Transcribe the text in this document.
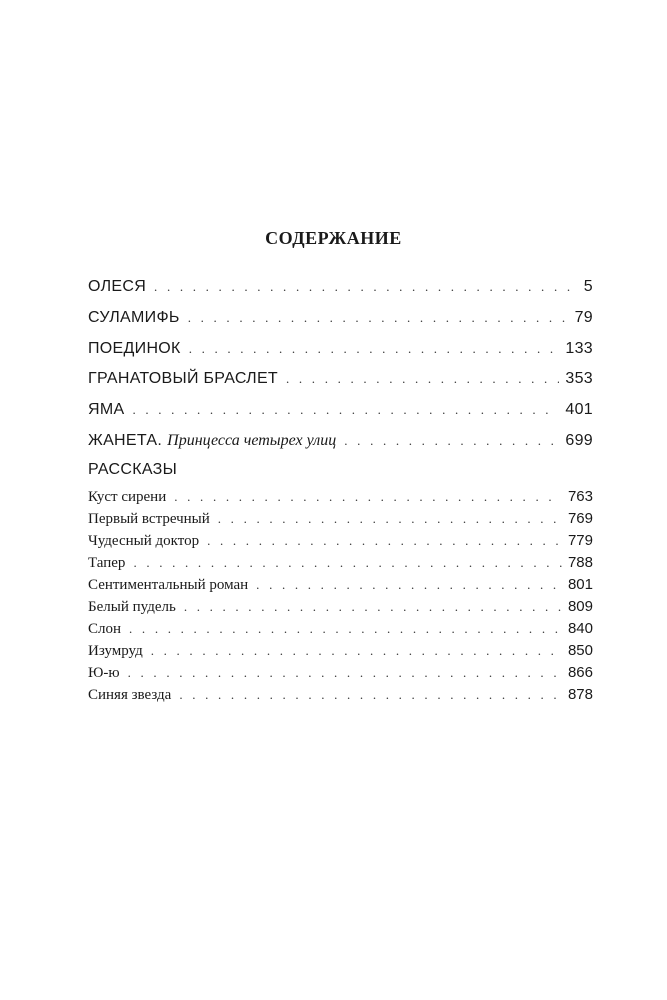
СОДЕРЖАНИЕ
ОЛЕСЯ . . .	5
СУЛАМИФЬ . . .	79
ПОЕДИНОК . . .	133
ГРАНАТОВЫЙ БРАСЛЕТ . . .	353
ЯМА . . .	401
ЖАНЕТА. Принцесса четырех улиц . . .	699
РАССКАЗЫ
Куст сирени . . .	763
Первый встречный . . .	769
Чудесный доктор . . .	779
Тапер . . .	788
Сентиментальный роман . . .	801
Белый пудель . . .	809
Слон . . .	840
Изумруд . . .	850
Ю-ю . . .	866
Синяя звезда . . .	878
